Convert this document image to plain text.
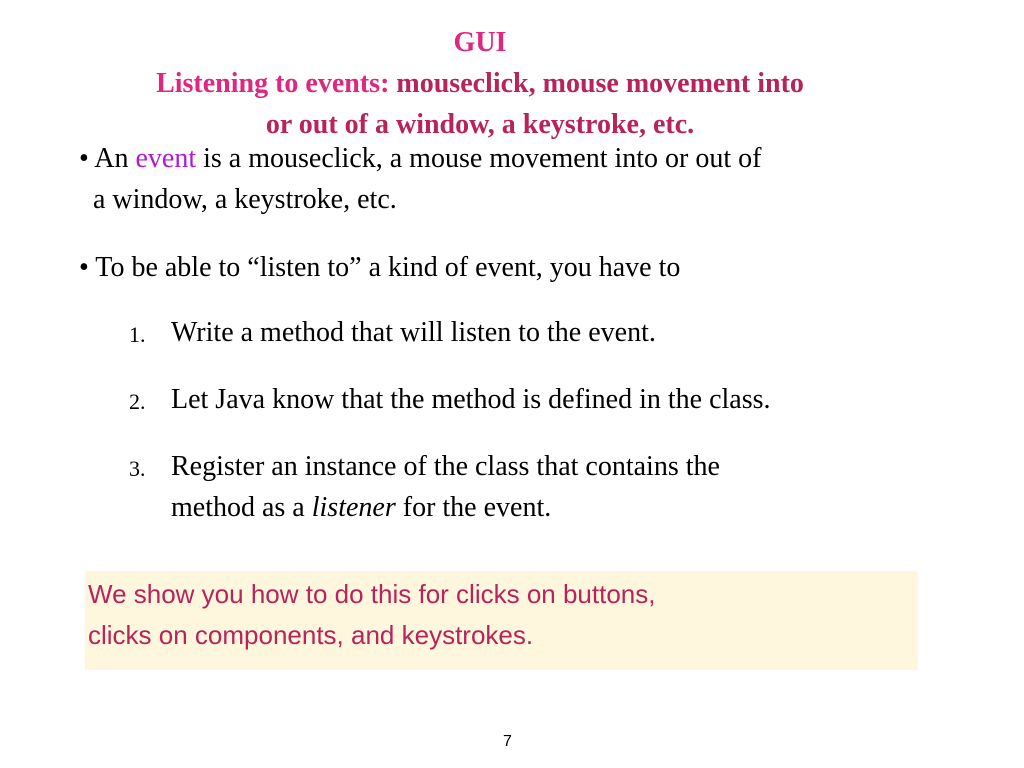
GUI
Listening to events: mouseclick, mouse movement into
or out of a window, a keystroke, etc.
• An event is a mouseclick, a mouse movement into or out of
a window, a keystroke, etc.
• To be able to “listen to” a kind of event, you have to
1. Write a method that will listen to the event.
2. Let Java know that the method is defined in the class.
3. Register an instance of the class that contains the
method as a listener for the event.
We show you how to do this for clicks on buttons,
clicks on components, and keystrokes.
7
